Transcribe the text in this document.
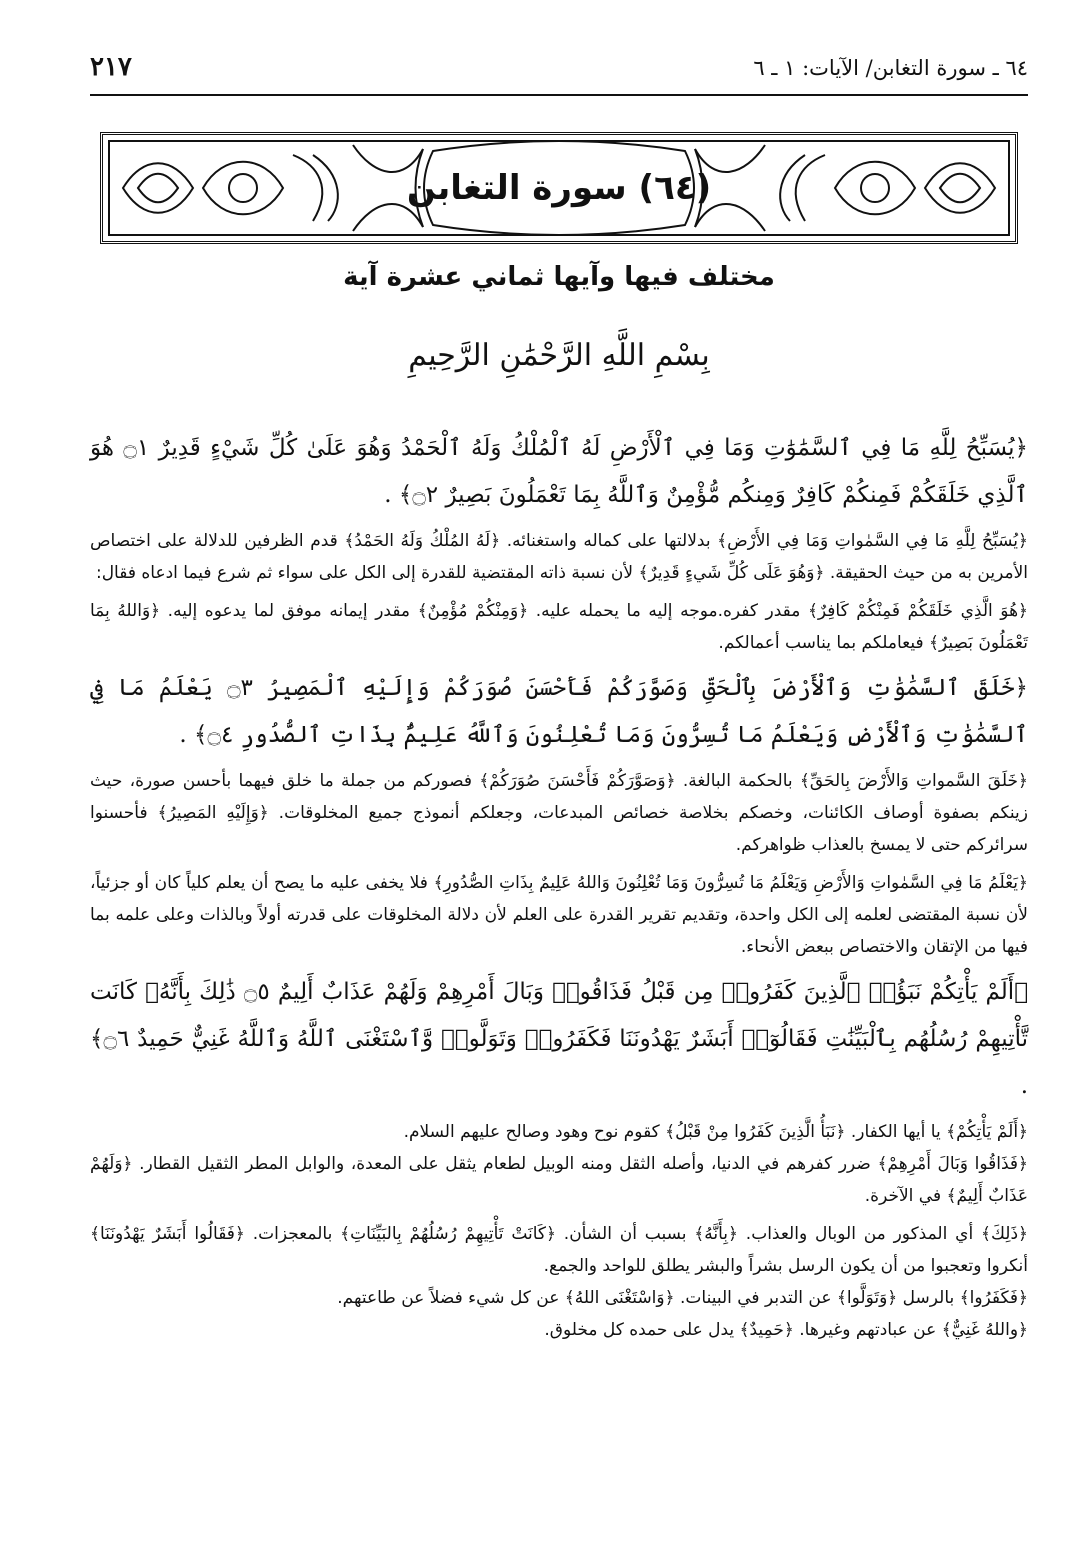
٢١٧	٦٤ ـ سورة التغابن/ الآيات: ١ ـ ٦
(٦٤) سورة التغابن
مختلف فيها وآيها ثماني عشرة آية
بِسْمِ اللَّهِ الرَّحْمَٰنِ الرَّحِيمِ

﴿يُسَبِّحُ لِلَّهِ مَا فِي ٱلسَّمَٰوَٰتِ وَمَا فِي ٱلْأَرْضِ لَهُ ٱلْمُلْكُ وَلَهُ ٱلْحَمْدُ وَهُوَ عَلَىٰ كُلِّ شَيْءٍ قَدِيرٌ ۝١ هُوَ ٱلَّذِي خَلَقَكُمْ فَمِنكُمْ كَافِرٌ وَمِنكُم مُّؤْمِنٌ وَٱللَّهُ بِمَا تَعْمَلُونَ بَصِيرٌ ۝٢﴾ .

﴿يُسَبِّحُ لِلَّهِ مَا فِي السَّمٰواتِ وَمَا فِي الأَرْضِ﴾ بدلالتها على كماله واستغنائه. ﴿لَهُ المُلْكُ وَلَهُ الحَمْدُ﴾ قدم الظرفين للدلالة على اختصاص الأمرين به من حيث الحقيقة. ﴿وَهُوَ عَلَى كُلِّ شَيءٍ قَدِيرٌ﴾ لأن نسبة ذاته المقتضية للقدرة إلى الكل على سواء ثم شرع فيما ادعاه فقال:

﴿هُوَ الَّذِي خَلَقَكُمْ فَمِنْكُمْ كَافِرٌ﴾ مقدر كفره.موجه إليه ما يحمله عليه. ﴿وَمِنْكُمْ مُؤْمِنٌ﴾ مقدر إيمانه موفق لما يدعوه إليه. ﴿وَاللهُ بِمَا تَعْمَلُونَ بَصِيرٌ﴾ فيعاملكم بما يناسب أعمالكم.

﴿خَلَقَ ٱلسَّمَٰوَٰتِ وَٱلْأَرْضَ بِٱلْحَقِّ وَصَوَّرَكُمْ فَأَحْسَنَ صُوَرَكُمْ وَإِلَيْهِ ٱلْمَصِيرُ ۝٣ يَعْلَمُ مَا فِي ٱلسَّمَٰوَٰتِ وَٱلْأَرْضِ وَيَعْلَمُ مَا تُسِرُّونَ وَمَا تُعْلِنُونَ وَٱللَّهُ عَلِيمٌۢ بِذَاتِ ٱلصُّدُورِ ۝٤﴾ .

﴿خَلَقَ السَّمواتِ وَالأَرْضَ بِالحَقِّ﴾ بالحكمة البالغة. ﴿وَصَوَّرَكُمْ فَأَحْسَنَ صُوَرَكُمْ﴾ فصوركم من جملة ما خلق فيهما بأحسن صورة، حيث زينكم بصفوة أوصاف الكائنات، وخصكم بخلاصة خصائص المبدعات، وجعلكم أنموذج جميع المخلوقات. ﴿وَإِلَيْهِ المَصِيرُ﴾ فأحسنوا سرائركم حتى لا يمسخ بالعذاب ظواهركم.

﴿يَعْلَمُ مَا فِي السَّمٰواتِ وَالأَرْضِ وَيَعْلَمُ مَا تُسِرُّونَ وَمَا تُعْلِنُونَ وَاللهُ عَلِيمٌ بِذَاتِ الصُّدُورِ﴾ فلا يخفى عليه ما يصح أن يعلم كلياً كان أو جزئياً، لأن نسبة المقتضى لعلمه إلى الكل واحدة، وتقديم تقرير القدرة على العلم لأن دلالة المخلوقات على قدرته أولاً وبالذات وعلى علمه بما فيها من الإتقان والاختصاص ببعض الأنحاء.

﴿أَلَمْ يَأْتِكُمْ نَبَؤُا۟ ٱلَّذِينَ كَفَرُوا۟ مِن قَبْلُ فَذَاقُوا۟ وَبَالَ أَمْرِهِمْ وَلَهُمْ عَذَابٌ أَلِيمٌ ۝٥ ذَٰلِكَ بِأَنَّهُۥ كَانَت تَّأْتِيهِمْ رُسُلُهُم بِٱلْبَيِّنَٰتِ فَقَالُوٓا۟ أَبَشَرٌ يَهْدُونَنَا فَكَفَرُوا۟ وَتَوَلَّوا۟ وَّٱسْتَغْنَى ٱللَّهُ وَٱللَّهُ غَنِيٌّ حَمِيدٌ ۝٦﴾ .

﴿أَلَمْ يَأْتِكُمْ﴾ يا أيها الكفار. ﴿نَبَأُ الَّذِينَ كَفَرُوا مِنْ قَبْلُ﴾ كقوم نوح وهود وصالح عليهم السلام.

﴿فَذَاقُوا وَبَالَ أَمْرِهِمْ﴾ ضرر كفرهم في الدنيا، وأصله الثقل ومنه الوبيل لطعام يثقل على المعدة، والوابل المطر الثقيل القطار. ﴿وَلَهُمْ عَذَابٌ أَلِيمٌ﴾ في الآخرة.

﴿ذَلِكَ﴾ أي المذكور من الوبال والعذاب. ﴿بِأَنَّهُ﴾ بسبب أن الشأن. ﴿كَانَتْ تَأْتِيهِمْ رُسُلُهُمْ بِالبَيِّنَاتِ﴾ بالمعجزات. ﴿فَقَالُوا أَبَشَرٌ يَهْدُونَنَا﴾ أنكروا وتعجبوا من أن يكون الرسل بشراً والبشر يطلق للواحد والجمع.

﴿فَكَفَرُوا﴾ بالرسل ﴿وَتَوَلَّوا﴾ عن التدبر في البينات. ﴿وَاسْتَغْنَى اللهُ﴾ عن كل شيء فضلاً عن طاعتهم.

﴿واللهُ غَنِيٌّ﴾ عن عبادتهم وغيرها. ﴿حَمِيدٌ﴾ يدل على حمده كل مخلوق.
